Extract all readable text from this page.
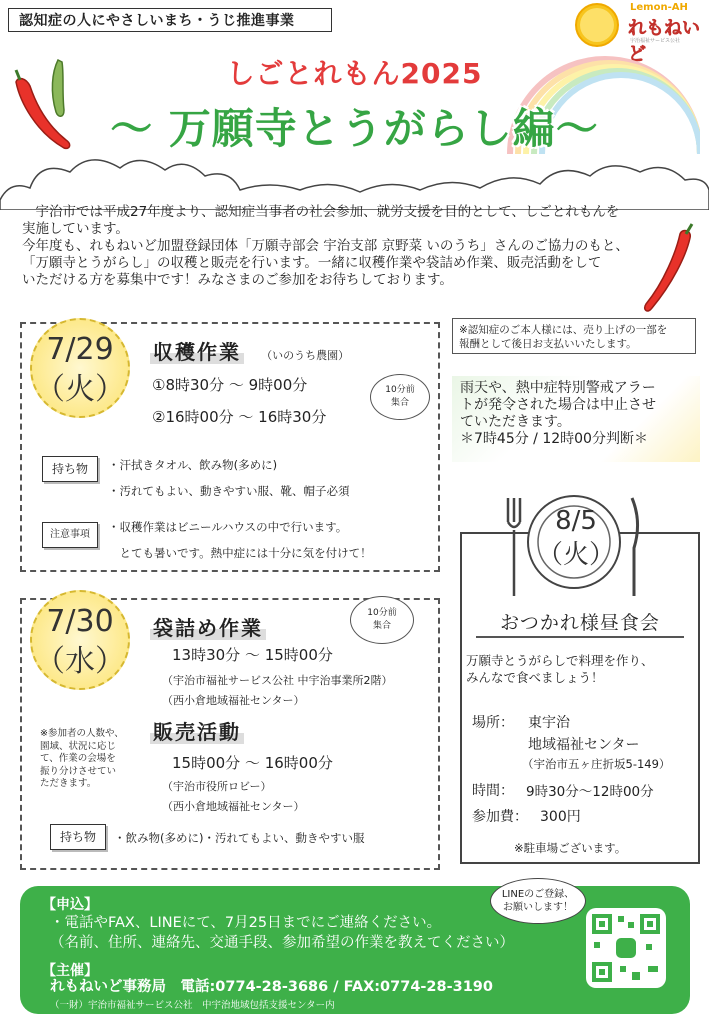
認知症の人にやさしいまち・うじ推進事業
Lemon-AH
れもねいど
宇治福祉サービス公社
しごとれもん2025
～ 万願寺とうがらし編～

　宇治市では平成27年度より、認知症当事者の社会参加、就労支援を目的として、しごとれもんを

実施しています。

今年度も、れもねいど加盟登録団体「万願寺部会 宇治支部 京野菜 いのうち」さんのご協力のもと、

「万願寺とうがらし」の収穫と販売を行います。一緒に収穫作業や袋詰め作業、販売活動をして

いただける方を募集中です！みなさまのご参加をお待ちしております。

7/29
（火）
収穫作業 （いのうち農園）
①8時30分 ～ 9時00分
②16時00分 ～ 16時30分
10分前
集合
持ち物	・汗拭きタオル、飲み物(多めに)
・汚れてもよい、動きやすい服、靴、帽子必須
注意事項
・収穫作業はビニールハウスの中で行います。
　とても暑いです。熱中症には十分に気を付けて！
7/30
（水）
袋詰め作業
10分前
集合
13時30分 ～ 15時00分
（宇治市福祉サービス公社 中宇治事業所2階）
（西小倉地域福祉センター）
販売活動
15時00分 ～ 16時00分
（宇治市役所ロビー）
（西小倉地域福祉センター）
※参加者の人数や、
園域、状況に応じ
て、作業の会場を
振り分けさせてい
ただきます。
持ち物	・飲み物(多めに)・汚れてもよい、動きやすい服
※認知症のご本人様には、売り上げの一部を
報酬として後日お支払いいたします。
雨天や、熱中症特別警戒アラー
トが発令された場合は中止させ
ていただきます。
＊7時45分 / 12時00分判断＊
8/5
（火）
おつかれ様昼食会
万願寺とうがらしで料理を作り、
みんなで食べましょう！
場所： 東宇治
地域福祉センター
（宇治市五ヶ庄折坂5-149）
時間： 9時30分～12時00分
参加費： 300円
※駐車場ございます。
【申込】
・電話やFAX、LINEにて、7月25日までにご連絡ください。
（名前、住所、連絡先、交通手段、参加希望の作業を教えてください）
【主催】
れもねいど事務局　電話:0774-28-3686 / FAX:0774-28-3190
（一財）宇治市福祉サービス公社　中宇治地域包括支援センター内
LINEのご登録、
お願いします！
